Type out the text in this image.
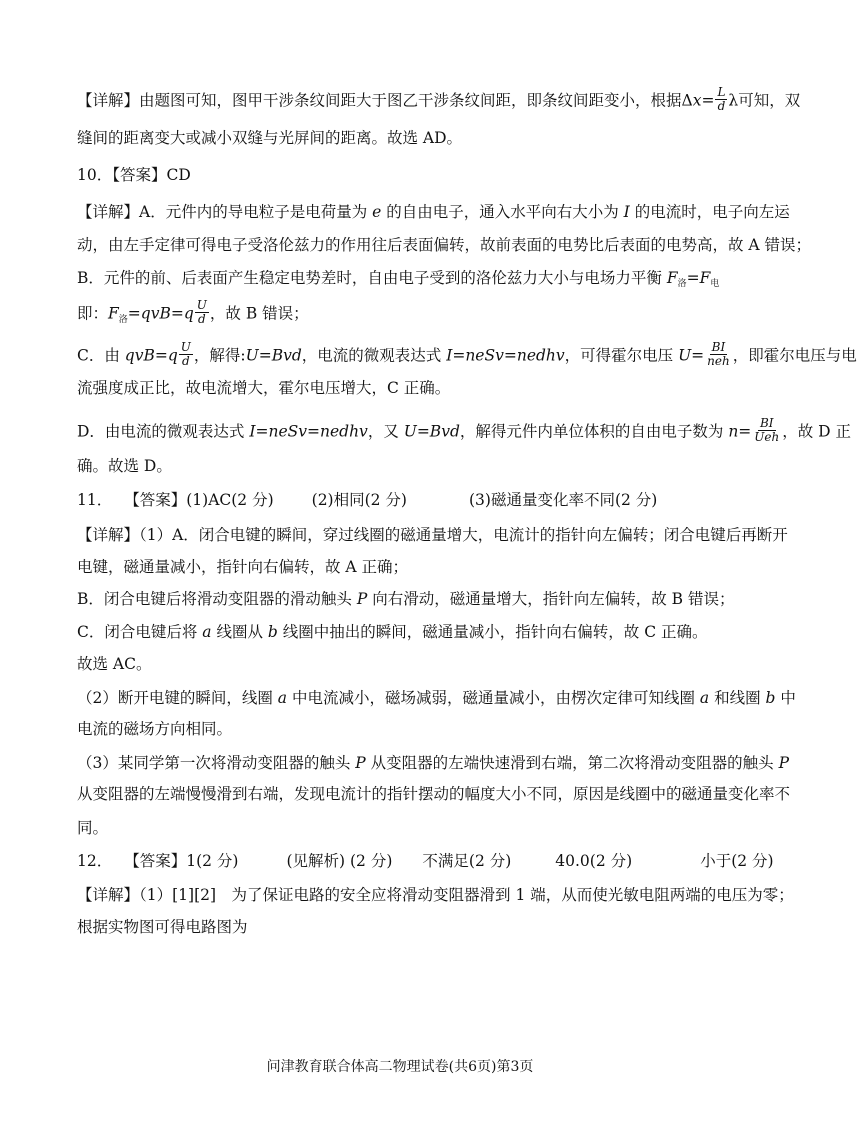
【详解】由题图可知，图甲干涉条纹间距大于图乙干涉条纹间距，即条纹间距变小，根据$\Delta x= \frac{L}{d}$ λ可知，双
缝间的距离变大或减小双缝与光屏间的距离。故选 AD。
10．【答案】CD
【详解】A．元件内的导电粒子是电荷量为 e 的自由电子，通入水平向右大小为 I 的电流时，电子向左运
动，由左手定律可得电子受洛伦兹力的作用往后表面偏转，故前表面的电势比后表面的电势高，故 A 错误；
B．元件的前、后表面产生稳定电势差时，自由电子受到的洛伦兹力大小与电场力平衡 F洛=F电
即：F洛$=qvB=q \frac{U}{d}$ ，故 B 错误；
C．由 $qvB=q \frac{U}{d}$ ，解得:U=Bvd，电流的微观表达式 I=neSv=nedhv，可得霍尔电压 $U= \frac{BI}{\text{neh}}$ ，即霍尔电压与电
流强度成正比，故电流增大，霍尔电压增大，C 正确。
D．由电流的微观表达式 I=neSv=nedhv，又 U=Bvd，解得元件内单位体积的自由电子数为 $n= \frac{BI}{\text{Ueh}}$ ，故 D 正
确。故选 D。
11． 【答案】(1)AC(2 分) (2)相同(2 分)	(3)磁通量变化率不同(2 分)
【详解】（1）A．闭合电键的瞬间，穿过线圈的磁通量增大，电流计的指针向左偏转；闭合电键后再断开
电键，磁通量减小，指针向右偏转，故 A 正确；
B．闭合电键后将滑动变阻器的滑动触头 P 向右滑动，磁通量增大，指针向左偏转，故 B 错误；
C．闭合电键后将 a 线圈从 b 线圈中抽出的瞬间，磁通量减小，指针向右偏转，故 C 正确。
故选 AC。
（2）断开电键的瞬间，线圈 a 中电流减小，磁场减弱，磁通量减小，由楞次定律可知线圈 a 和线圈 b 中
电流的磁场方向相同。
（3）某同学第一次将滑动变阻器的触头 P 从变阻器的左端快速滑到右端，第二次将滑动变阻器的触头 P
从变阻器的左端慢慢滑到右端，发现电流计的指针摆动的幅度大小不同，原因是线圈中的磁通量变化率不
同。
12． 【答案】1(2 分)	(见解析) (2 分) 不满足(2 分)	40.0(2 分)	小于(2 分)
【详解】（1）[1][2]　为了保证电路的安全应将滑动变阻器滑到 1 端，从而使光敏电阻两端的电压为零；
根据实物图可得电路图为
问津教育联合体高二物理试卷(共6页)第3页
